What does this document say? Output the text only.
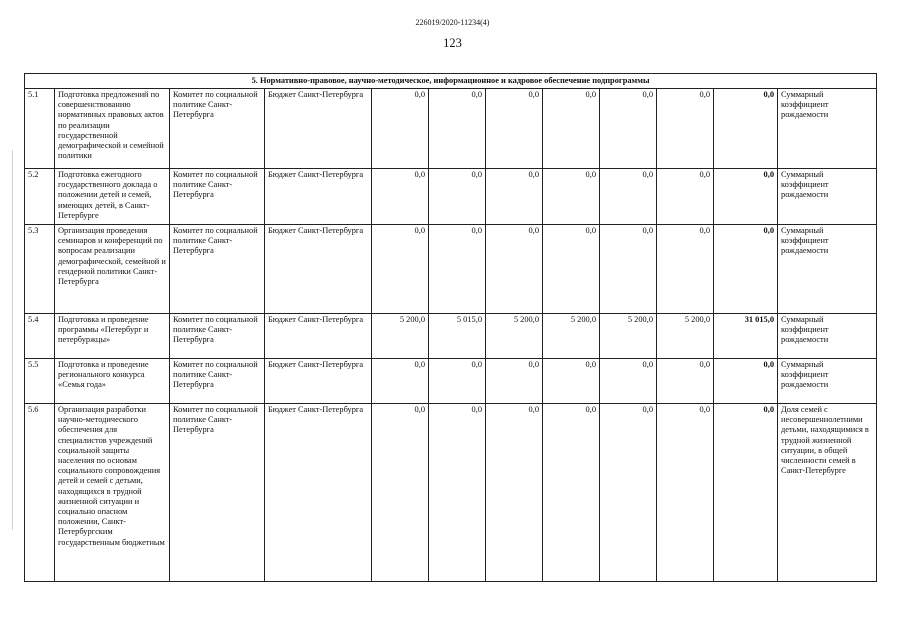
226019/2020-11234(4)
123
5. Нормативно-правовое, научно-методическое, информационное и кадровое обеспечение подпрограммы											
5.1	Подготовка предложений по совершенствованию нормативных правовых актов по реализации государственной демографической и семейной политики	Комитет по социальной политике Санкт-Петербурга	Бюджет Санкт-Петербурга	0,0	0,0	0,0	0,0	0,0	0,0	0,0	Суммарный коэффициент рождаемости
5.2	Подготовка ежегодного государственного доклада о положении детей и семей, имеющих детей, в Санкт-Петербурге	Комитет по социальной политике Санкт-Петербурга	Бюджет Санкт-Петербурга	0,0	0,0	0,0	0,0	0,0	0,0	0,0	Суммарный коэффициент рождаемости
5.3	Организация проведения семинаров и конференций по вопросам реализации демографической, семейной и гендерной политики Санкт-Петербурга	Комитет по социальной политике Санкт-Петербурга	Бюджет Санкт-Петербурга	0,0	0,0	0,0	0,0	0,0	0,0	0,0	Суммарный коэффициент рождаемости
5.4	Подготовка и проведение программы «Петербург и петербуржцы»	Комитет по социальной политике Санкт-Петербурга	Бюджет Санкт-Петербурга	5 200,0	5 015,0	5 200,0	5 200,0	5 200,0	5 200,0	31 015,0	Суммарный коэффициент рождаемости
5.5	Подготовка и проведение регионального конкурса «Семья года»	Комитет по социальной политике Санкт-Петербурга	Бюджет Санкт-Петербурга	0,0	0,0	0,0	0,0	0,0	0,0	0,0	Суммарный коэффициент рождаемости
5.6	Организация разработки научно-методического обеспечения для специалистов учреждений социальной защиты населения по основам социального сопровождения детей и семей с детьми, находящихся в трудной жизненной ситуации и социально опасном положении, Санкт-Петербургским государственным бюджетным	Комитет по социальной политике Санкт-Петербурга	Бюджет Санкт-Петербурга	0,0	0,0	0,0	0,0	0,0	0,0	0,0	Доля семей с несовершеннолетними детьми, находящимися в трудной жизненной ситуации, в общей численности семей в Санкт-Петербурге
